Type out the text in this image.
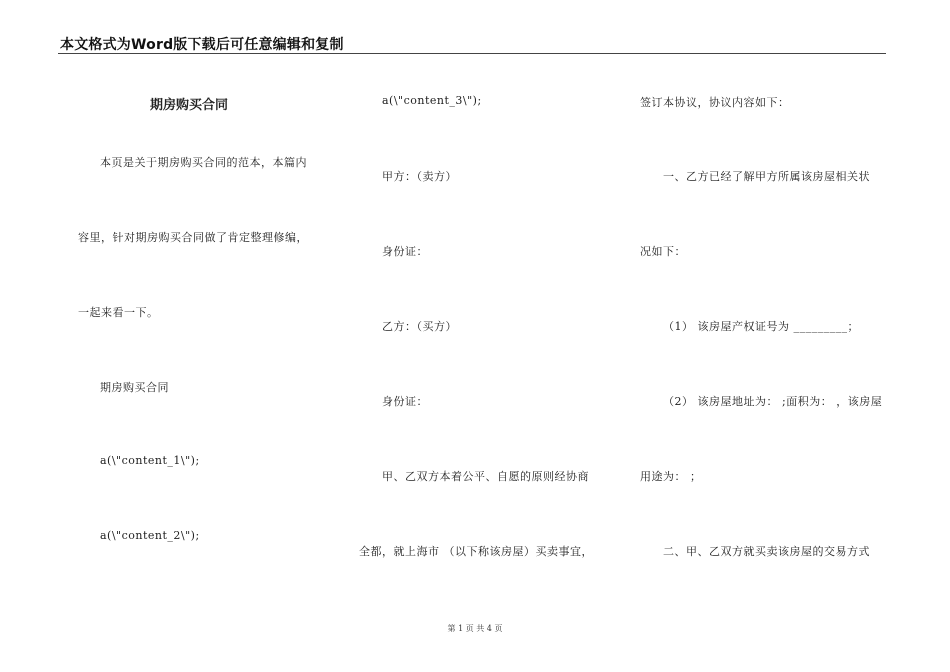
本文格式为Word版下载后可任意编辑和复制
期房购买合同
本页是关于期房购买合同的范本，本篇内
容里，针对期房购买合同做了肯定整理修编，
一起来看一下。
期房购买合同
a(\"content_1\");
a(\"content_2\");
a(\"content_3\");
甲方：（卖方）
身份证：
乙方：（买方）
身份证：
甲、乙双方本着公平、自愿的原则经协商
全都，就上海市 （以下称该房屋）买卖事宜，
签订本协议，协议内容如下：
一、乙方已经了解甲方所属该房屋相关状
况如下：
（1） 该房屋产权证号为 _________；
（2） 该房屋地址为： ;面积为： ，该房屋
用途为： ；
二、甲、乙双方就买卖该房屋的交易方式
第 1 页 共 4 页
